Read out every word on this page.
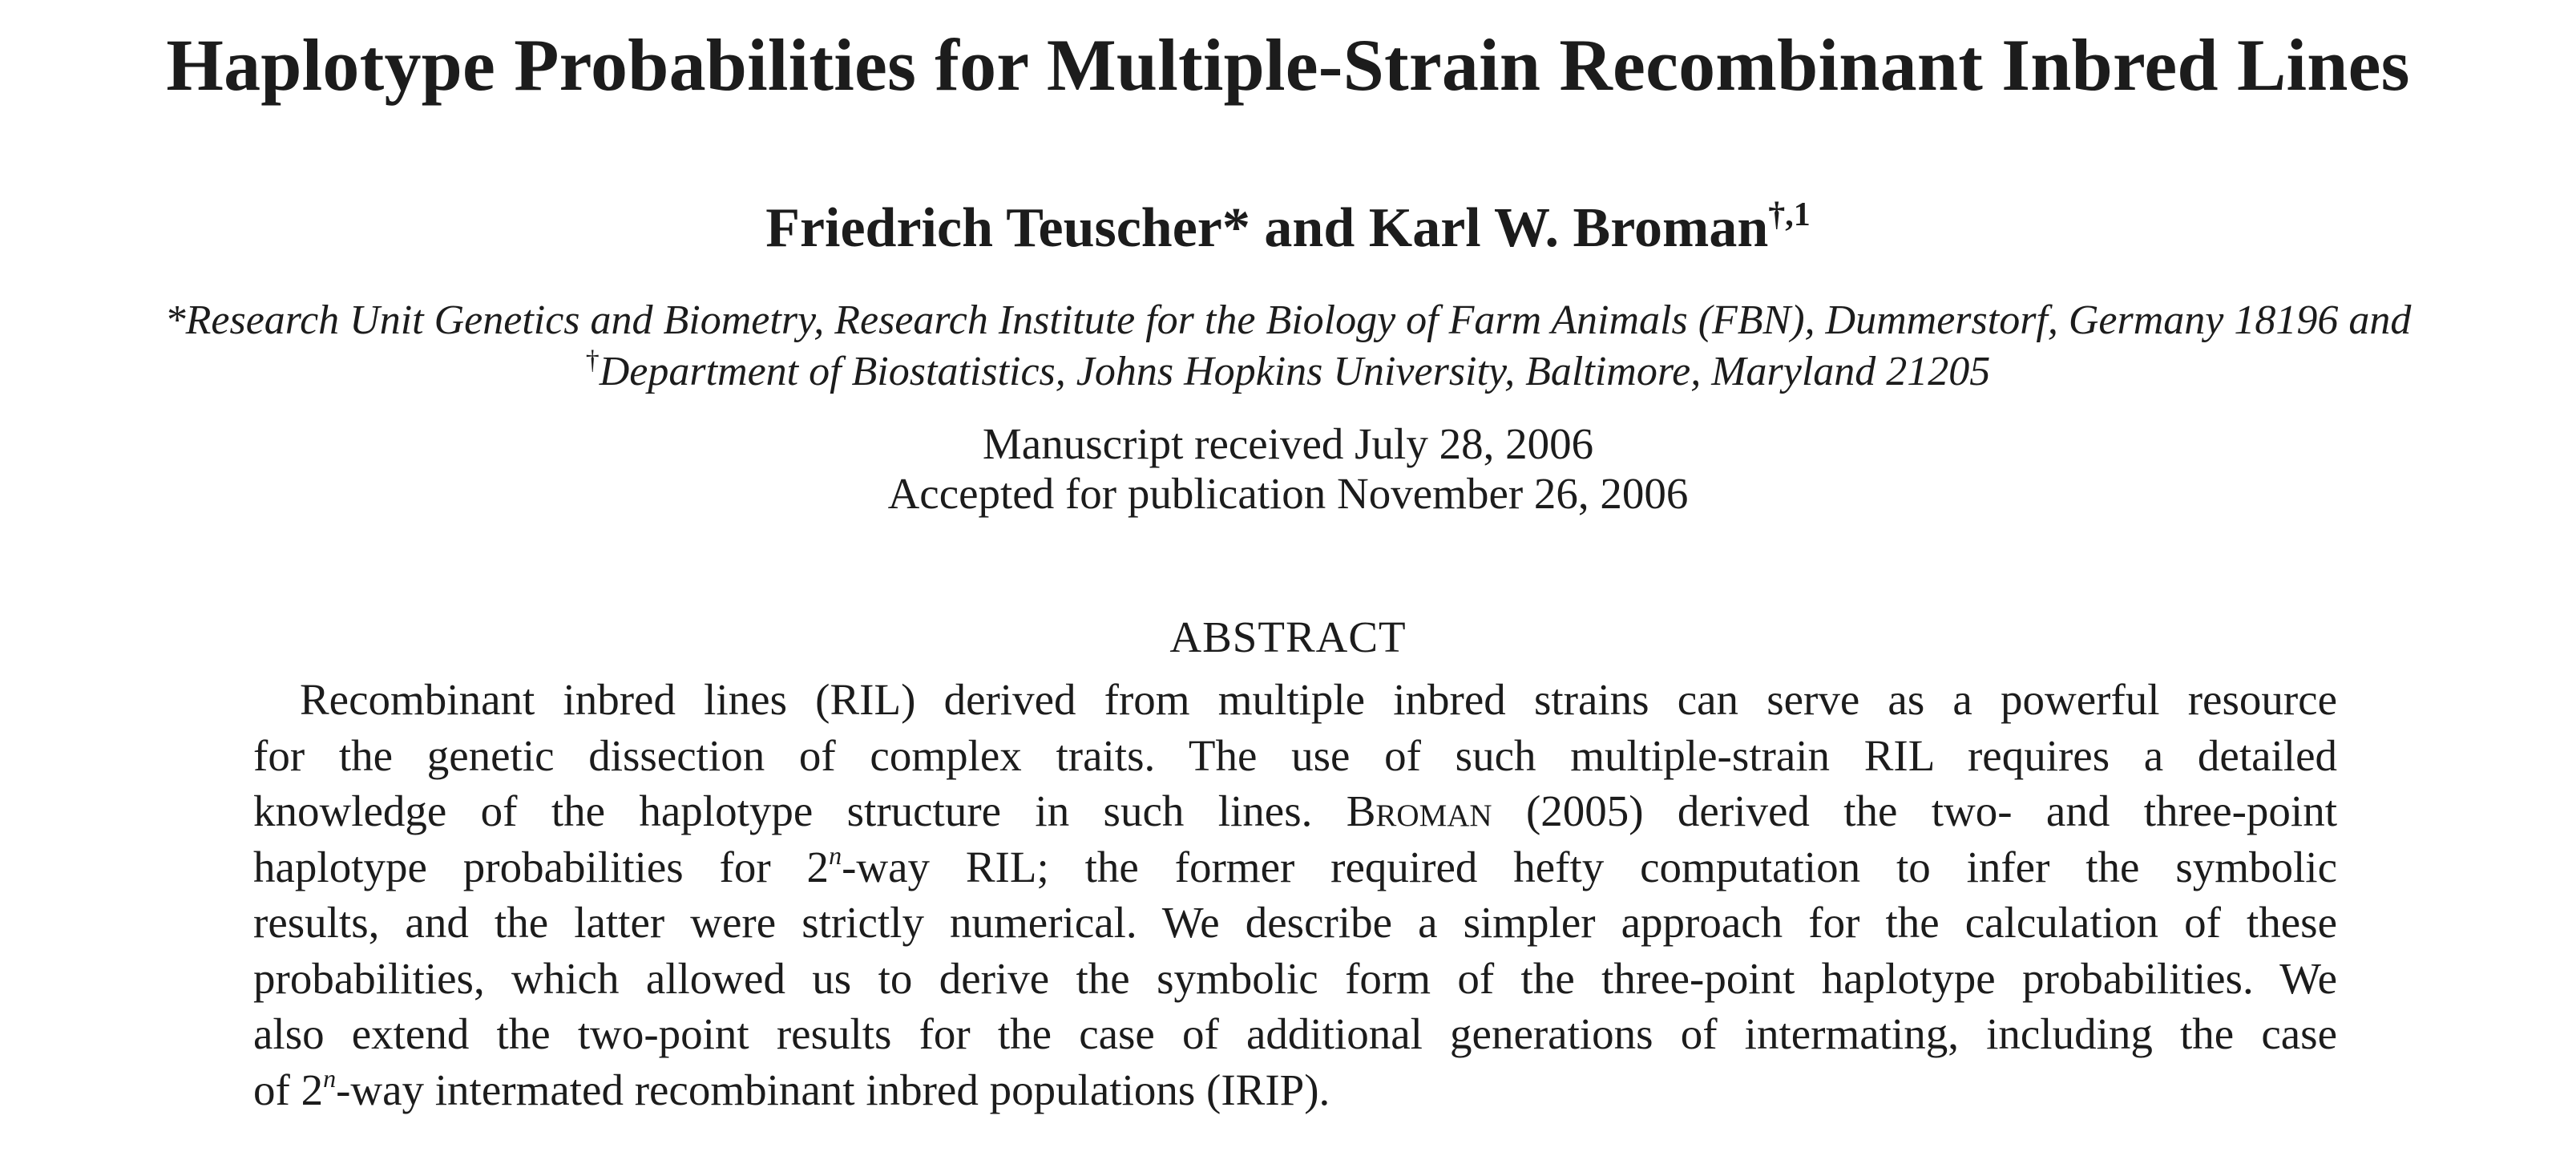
Haplotype Probabilities for Multiple-Strain Recombinant Inbred Lines
Friedrich Teuscher* and Karl W. Broman$^{\dagger,1}$
*Research Unit Genetics and Biometry, Research Institute for the Biology of Farm Animals (FBN), Dummerstorf, Germany 18196 and
†Department of Biostatistics, Johns Hopkins University, Baltimore, Maryland 21205
Manuscript received July 28, 2006
Accepted for publication November 26, 2006
ABSTRACT
Recombinant inbred lines (RIL) derived from multiple inbred strains can serve as a powerful resource
for the genetic dissection of complex traits. The use of such multiple-strain RIL requires a detailed
knowledge of the haplotype structure in such lines. Broman (2005) derived the two- and three-point
haplotype probabilities for 2$^n$-way RIL; the former required hefty computation to infer the symbolic
results, and the latter were strictly numerical. We describe a simpler approach for the calculation of these
probabilities, which allowed us to derive the symbolic form of the three-point haplotype probabilities. We
also extend the two-point results for the case of additional generations of intermating, including the case
of 2$^n$-way intermated recombinant inbred populations (IRIP).
